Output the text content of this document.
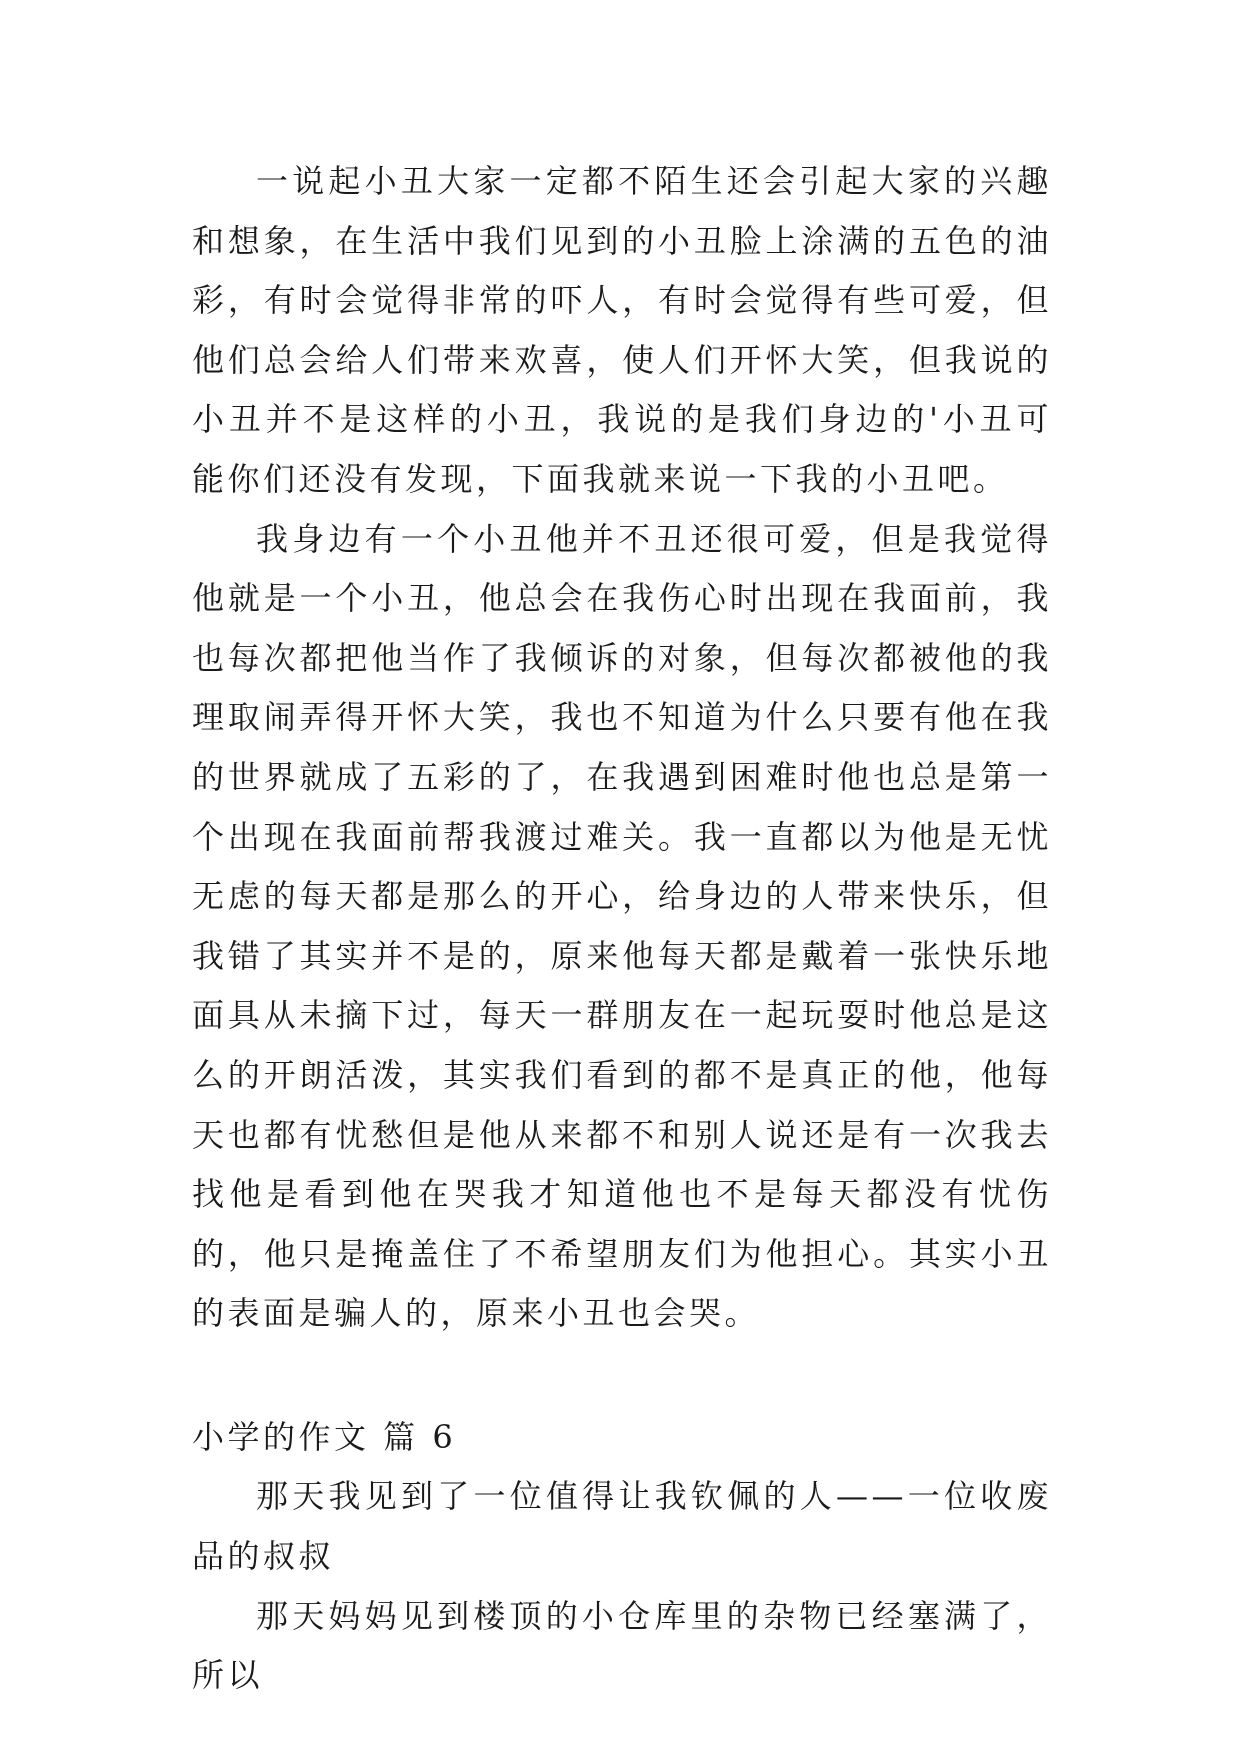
一说起小丑大家一定都不陌生还会引起大家的兴趣和想象，在生活中我们见到的小丑脸上涂满的五色的油彩，有时会觉得非常的吓人，有时会觉得有些可爱，但他们总会给人们带来欢喜，使人们开怀大笑，但我说的小丑并不是这样的小丑，我说的是我们身边的'小丑可能你们还没有发现，下面我就来说一下我的小丑吧。

我身边有一个小丑他并不丑还很可爱，但是我觉得他就是一个小丑，他总会在我伤心时出现在我面前，我也每次都把他当作了我倾诉的对象，但每次都被他的我理取闹弄得开怀大笑，我也不知道为什么只要有他在我的世界就成了五彩的了，在我遇到困难时他也总是第一个出现在我面前帮我渡过难关。我一直都以为他是无忧无虑的每天都是那么的开心，给身边的人带来快乐，但我错了其实并不是的，原来他每天都是戴着一张快乐地面具从未摘下过，每天一群朋友在一起玩耍时他总是这么的开朗活泼，其实我们看到的都不是真正的他，他每天也都有忧愁但是他从来都不和别人说还是有一次我去找他是看到他在哭我才知道他也不是每天都没有忧伤的，他只是掩盖住了不希望朋友们为他担心。其实小丑的表面是骗人的，原来小丑也会哭。

小学的作文 篇 6

那天我见到了一位值得让我钦佩的人——一位收废品的叔叔

那天妈妈见到楼顶的小仓库里的杂物已经塞满了，所以
